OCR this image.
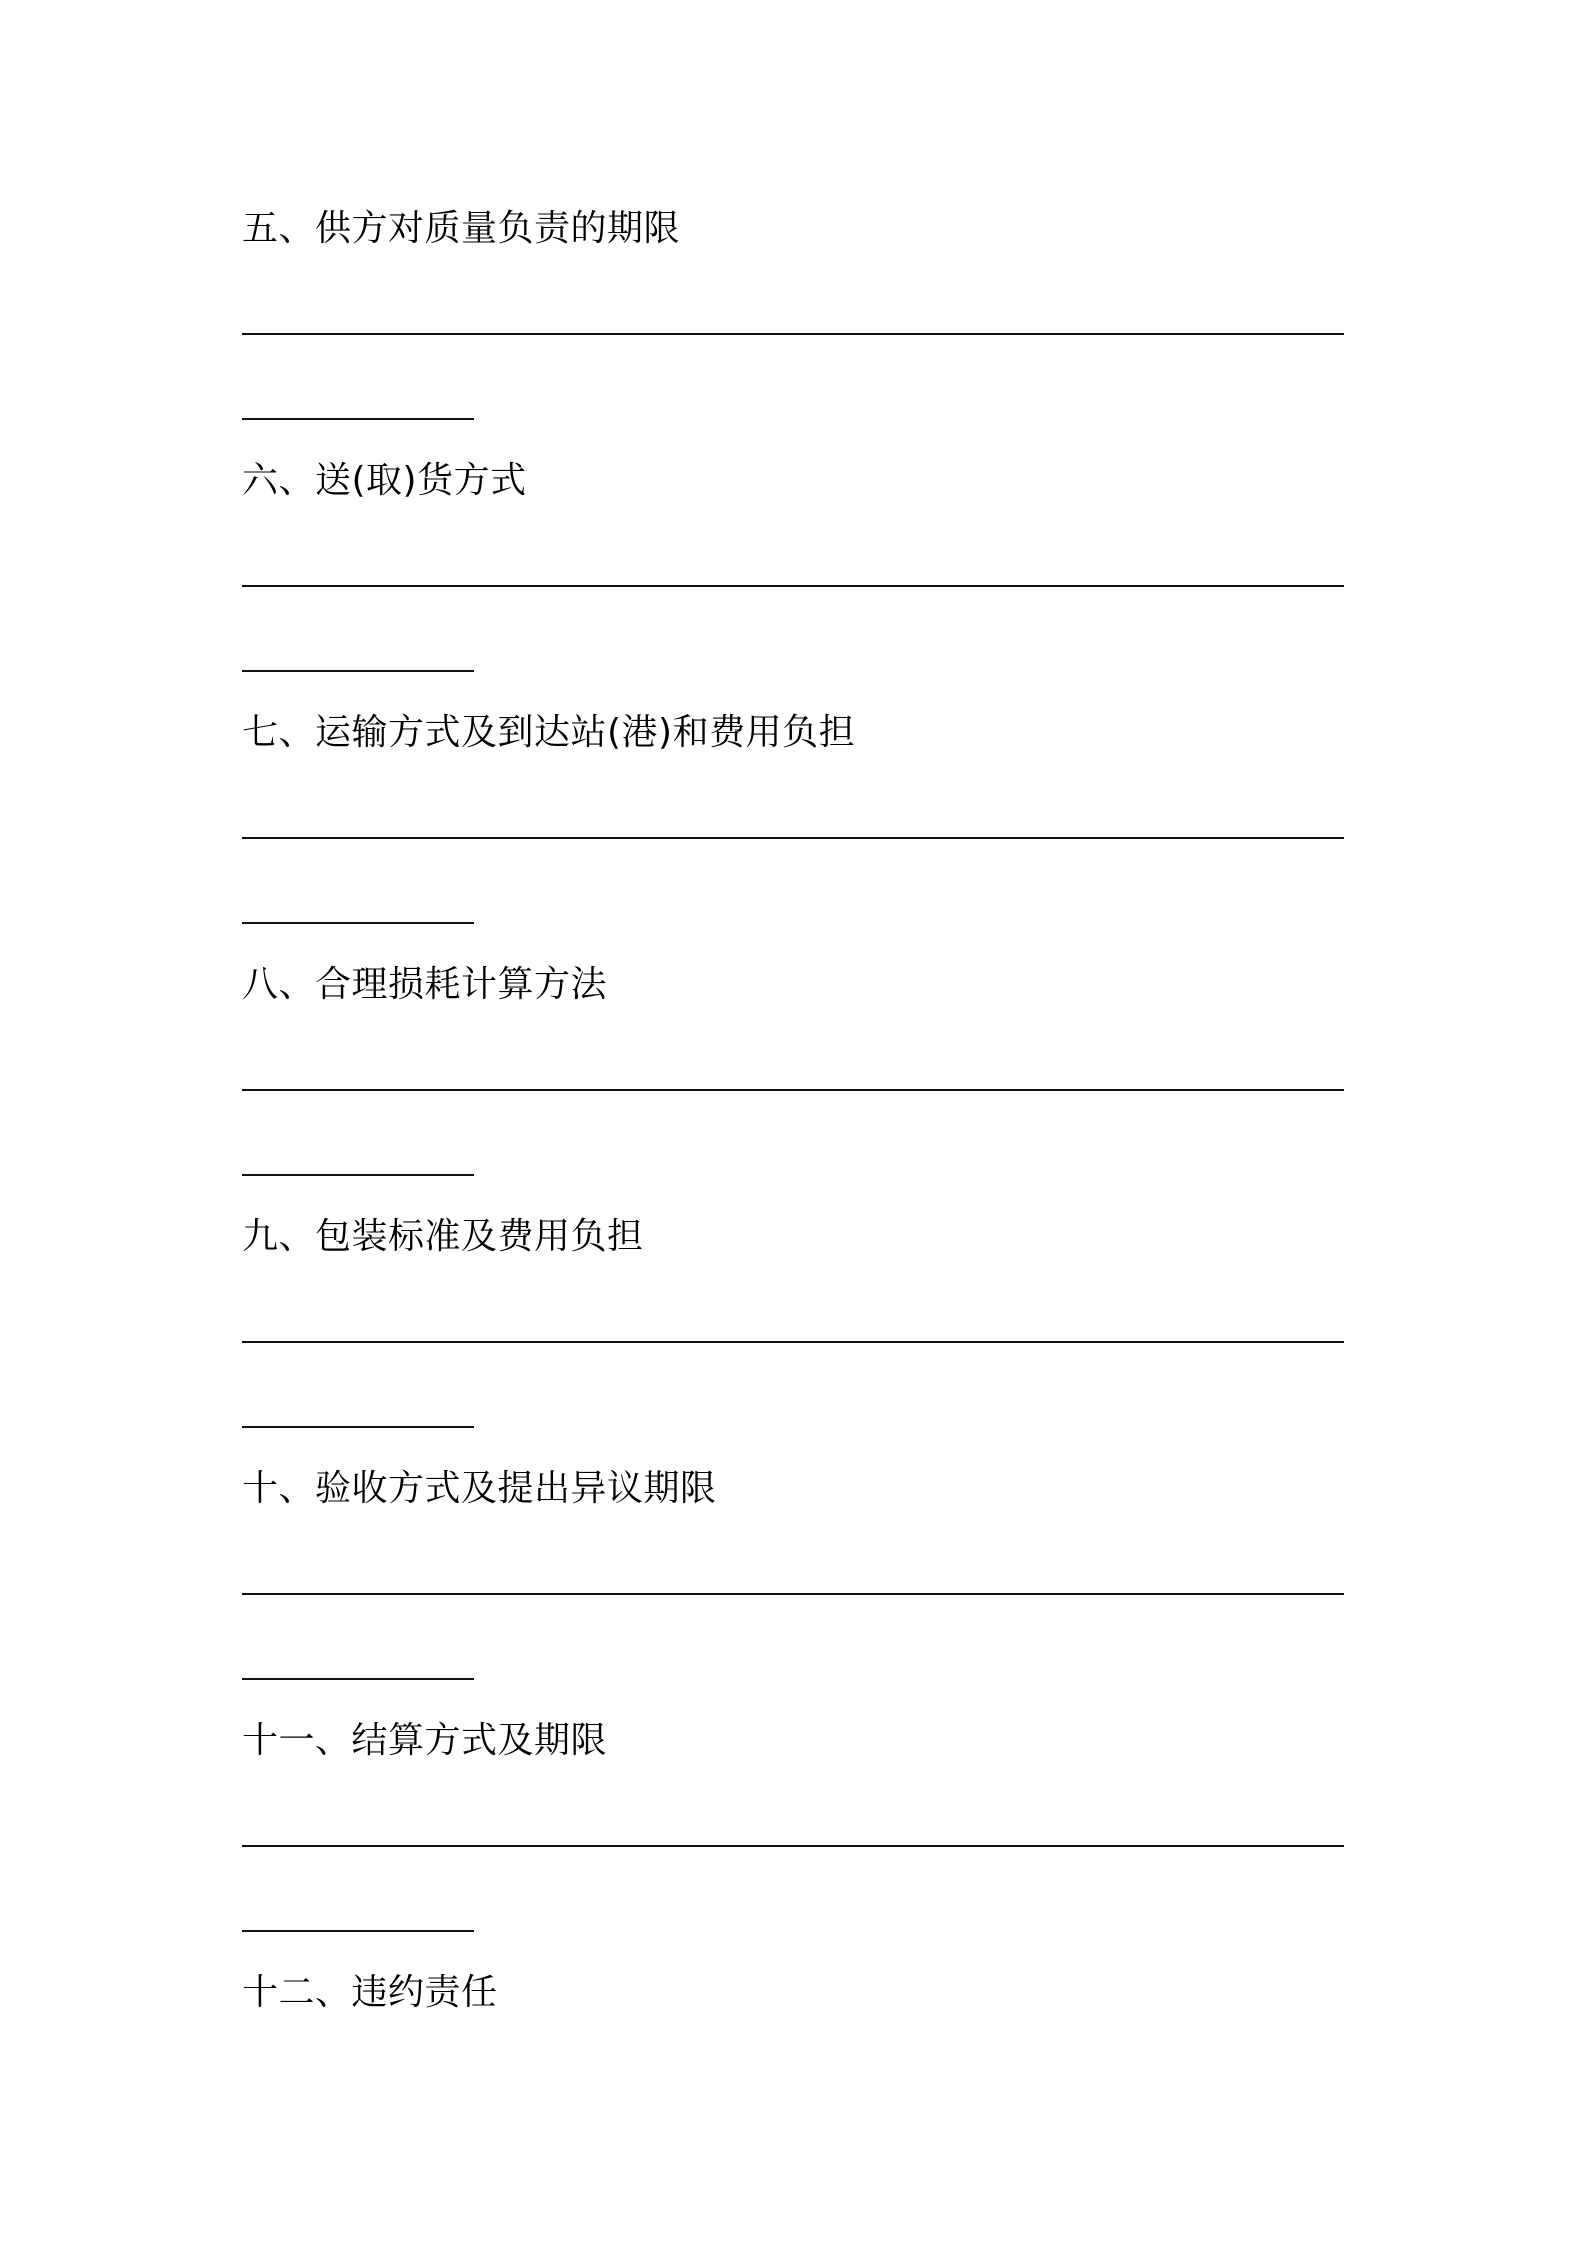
五、供方对质量负责的期限
六、送(取)货方式
七、运输方式及到达站(港)和费用负担
八、合理损耗计算方法
九、包装标准及费用负担
十、验收方式及提出异议期限
十一、结算方式及期限
十二、违约责任
